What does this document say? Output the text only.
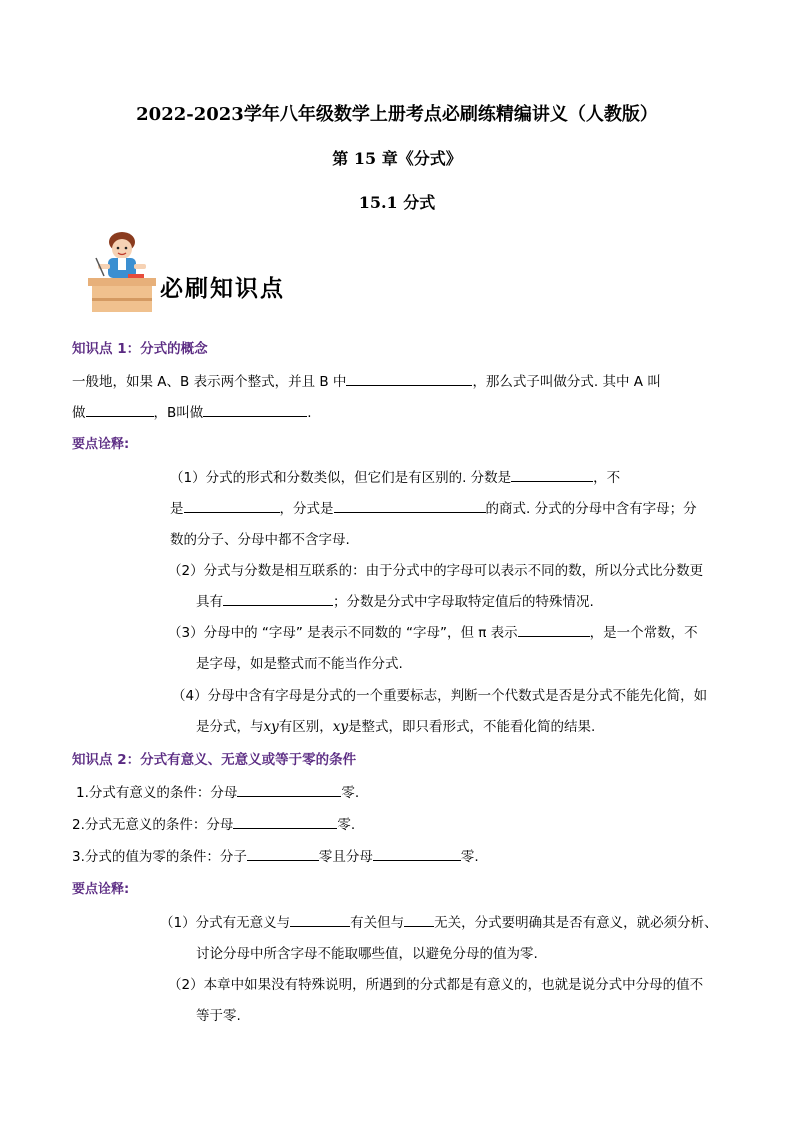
2022-2023学年八年级数学上册考点必刷练精编讲义（人教版）
第 15 章《分式》
15.1 分式
必刷知识点
知识点 1：分式的概念
一般地，如果 A、B 表示两个整式，并且 B 中	，那么式子叫做分式. 其中 A 叫
做	，B叫做	.
要点诠释:
（1）分式的形式和分数类似，但它们是有区别的. 分数是	，不
是	，分式是	的商式. 分式的分母中含有字母；分
数的分子、分母中都不含字母.
（2）分式与分数是相互联系的：由于分式中的字母可以表示不同的数，所以分式比分数更
具有	；分数是分式中字母取特定值后的特殊情况.
（3）分母中的 “字母” 是表示不同数的 “字母”，但 π 表示	，是一个常数，不
是字母，如是整式而不能当作分式.
（4）分母中含有字母是分式的一个重要标志，判断一个代数式是否是分式不能先化简，如
是分式，与xy有区别，xy是整式，即只看形式，不能看化简的结果.
知识点 2：分式有意义、无意义或等于零的条件
1.分式有意义的条件：分母	零.
2.分式无意义的条件：分母	零.
3.分式的值为零的条件：分子	零且分母	零.
要点诠释:
（1）分式有无意义与	有关但与 无关，分式要明确其是否有意义，就必须分析、
讨论分母中所含字母不能取哪些值，以避免分母的值为零.
（2）本章中如果没有特殊说明，所遇到的分式都是有意义的，也就是说分式中分母的值不
等于零.
